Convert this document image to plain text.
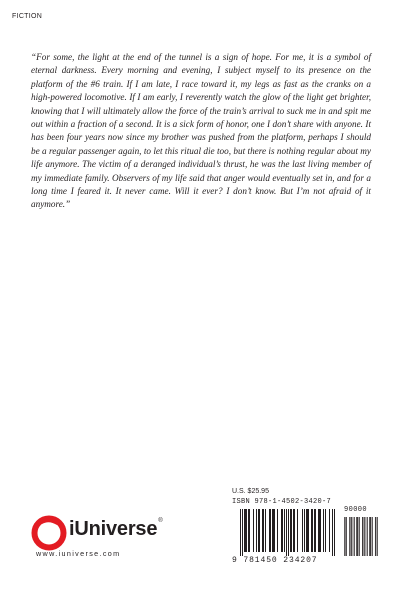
FICTION
“For some, the light at the end of the tunnel is a sign of hope. For me, it is a symbol of eternal darkness. Every morning and evening, I subject myself to its presence on the platform of the #6 train. If I am late, I race toward it, my legs as fast as the cranks on a high-powered locomotive. If I am early, I reverently watch the glow of the light get brighter, knowing that I will ultimately allow the force of the train’s arrival to suck me in and spit me out within a fraction of a second. It is a sick form of honor, one I don’t share with anyone. It has been four years now since my brother was pushed from the platform, perhaps I should be a regular passenger again, to let this ritual die too, but there is nothing regular about my life anymore. The victim of a deranged individual’s thrust, he was the last living member of my immediate family. Observers of my life said that anger would eventually set in, and for a long time I feared it. It never came. Will it ever? I don’t know. But I’m not afraid of it anymore.”
iUniverse®
www.iuniverse.com
U.S. $25.95
ISBN 978-1-4502-3420-7
9 781450 234207
90000
